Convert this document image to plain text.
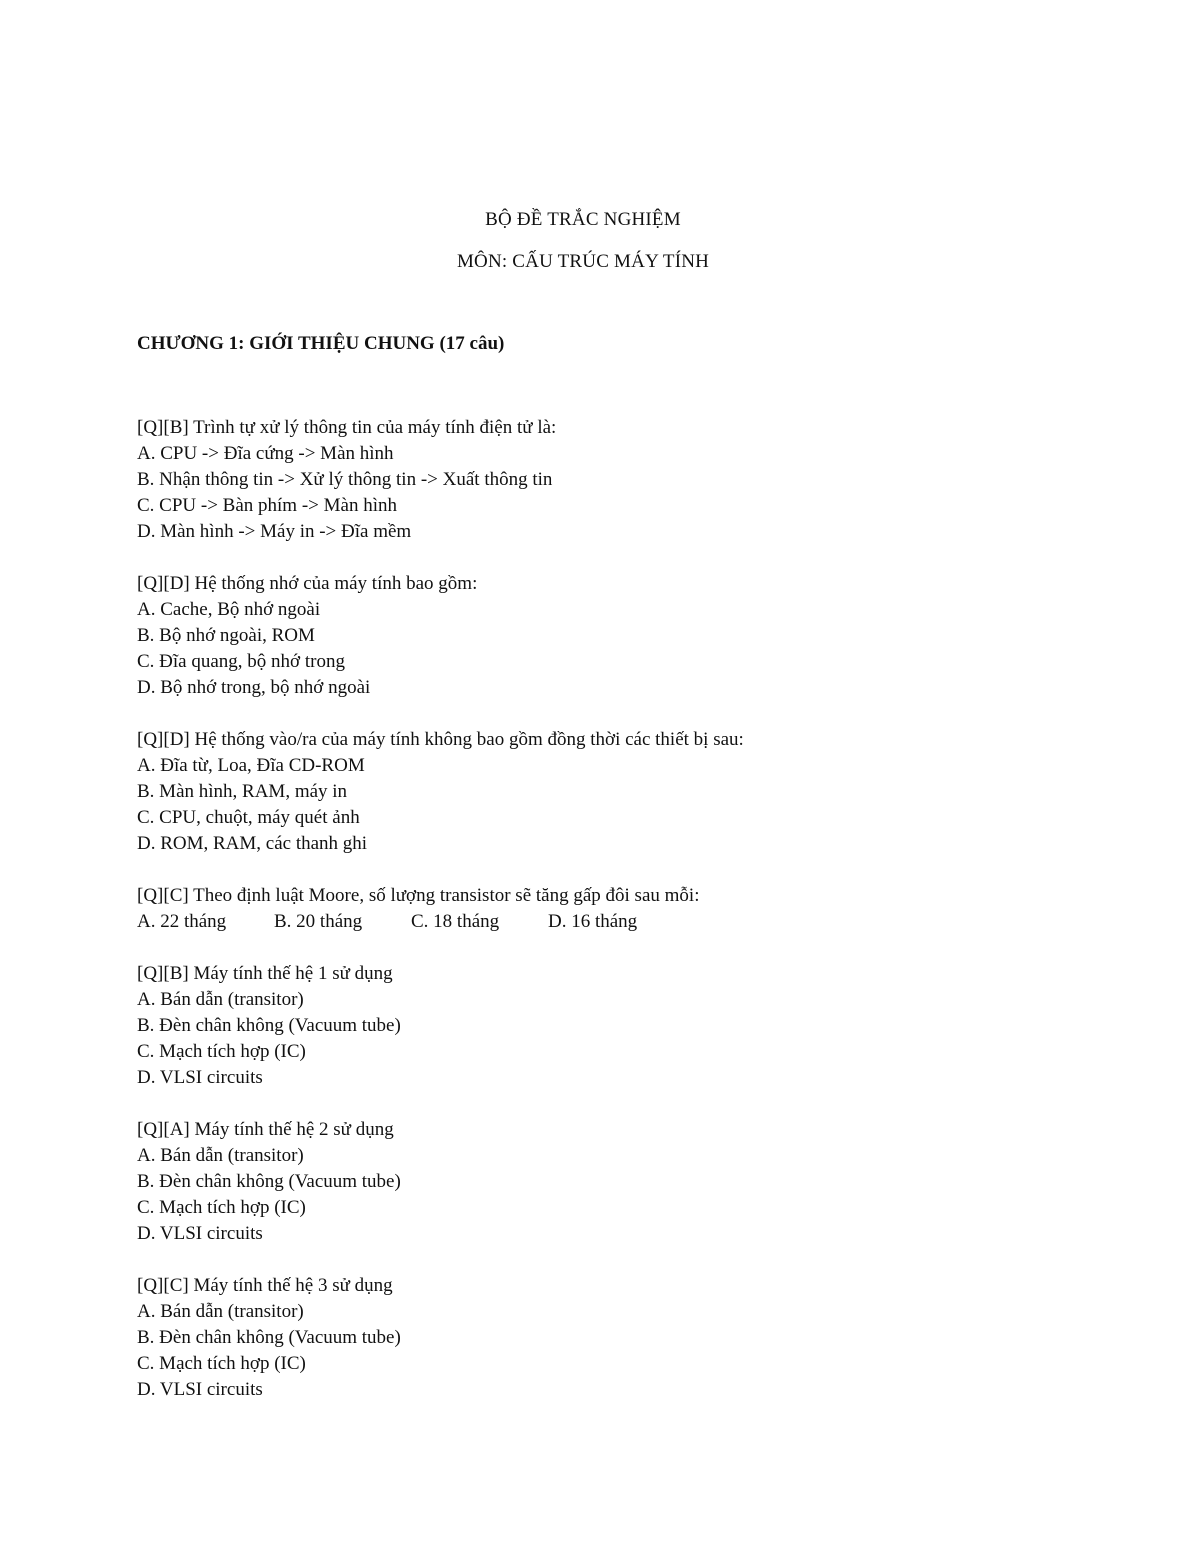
BỘ ĐỀ TRẮC NGHIỆM
MÔN: CẤU TRÚC MÁY TÍNH
CHƯƠNG 1: GIỚI THIỆU CHUNG (17 câu)
[Q][B] Trình tự xử lý thông tin của máy tính điện tử là:
A. CPU -> Đĩa cứng -> Màn hình
B. Nhận thông tin -> Xử lý thông tin -> Xuất thông tin
C. CPU -> Bàn phím -> Màn hình
D. Màn hình -> Máy in -> Đĩa mềm
[Q][D] Hệ thống nhớ của máy tính bao gồm:
A. Cache, Bộ nhớ ngoài
B. Bộ nhớ ngoài, ROM
C. Đĩa quang, bộ nhớ trong
D. Bộ nhớ trong, bộ nhớ ngoài
[Q][D] Hệ thống vào/ra của máy tính không bao gồm đồng thời các thiết bị sau:
A. Đĩa từ, Loa, Đĩa CD-ROM
B. Màn hình, RAM, máy in
C. CPU, chuột, máy quét ảnh
D. ROM, RAM, các thanh ghi
[Q][C] Theo định luật Moore, số lượng transistor sẽ tăng gấp đôi sau mỗi:
A. 22 tháng	B. 20 tháng	C. 18 tháng	D. 16 tháng
[Q][B] Máy tính thế hệ 1 sử dụng
A. Bán dẫn (transitor)
B. Đèn chân không (Vacuum tube)
C. Mạch tích hợp (IC)
D. VLSI circuits
[Q][A] Máy tính thế hệ 2 sử dụng
A. Bán dẫn (transitor)
B. Đèn chân không (Vacuum tube)
C. Mạch tích hợp (IC)
D. VLSI circuits
[Q][C] Máy tính thế hệ 3 sử dụng
A. Bán dẫn (transitor)
B. Đèn chân không (Vacuum tube)
C. Mạch tích hợp (IC)
D. VLSI circuits
